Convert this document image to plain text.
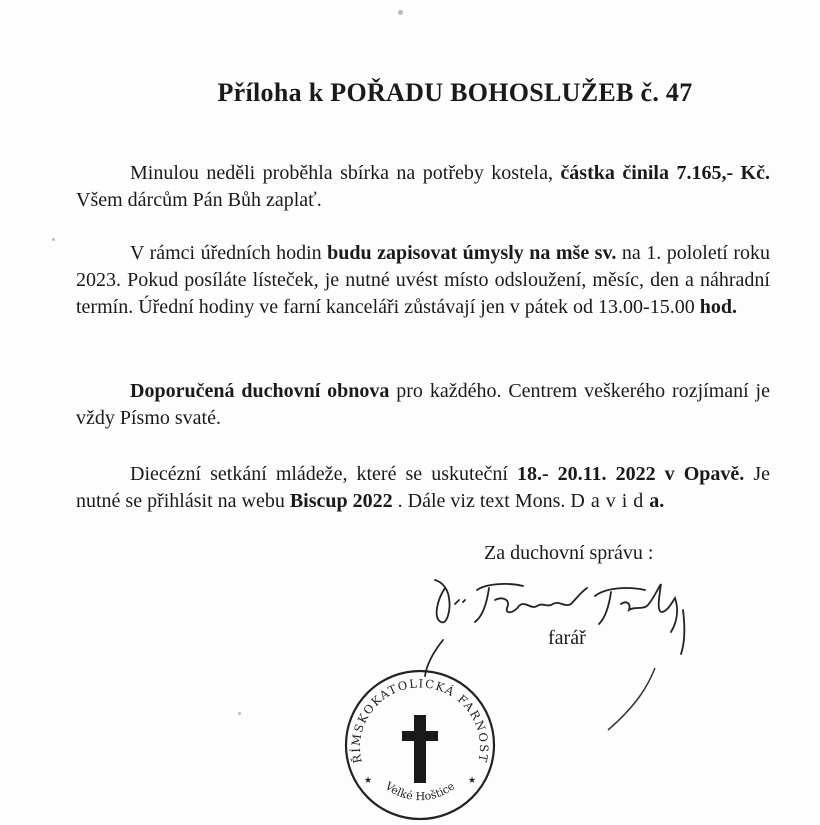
Příloha k POŘADU BOHOSLUŽEB č. 47

Minulou neděli proběhla sbírka na potřeby kostela, částka činila 7.165,- Kč. Všem dárcům Pán Bůh zaplať.

V rámci úředních hodin budu zapisovat úmysly na mše sv. na 1. pololetí roku 2023. Pokud posíláte lísteček, je nutné uvést místo odsloužení, měsíc, den a náhradní termín. Úřední hodiny ve farní kanceláři zůstávají jen v pátek od 13.00-15.00 hod.

Doporučená duchovní obnova pro každého. Centrem veškerého rozjímaní je vždy Písmo svaté.

Diecézní setkání mládeže, které se uskuteční 18.- 20.11. 2022 v Opavě. Je nutné se přihlásit na webu Biscup 2022 . Dále viz text Mons. Davida.

Za duchovní správu :
farář
ŘÍMSKOKATOLICKÁ FARNOST
Velké Hoštice
★	★
